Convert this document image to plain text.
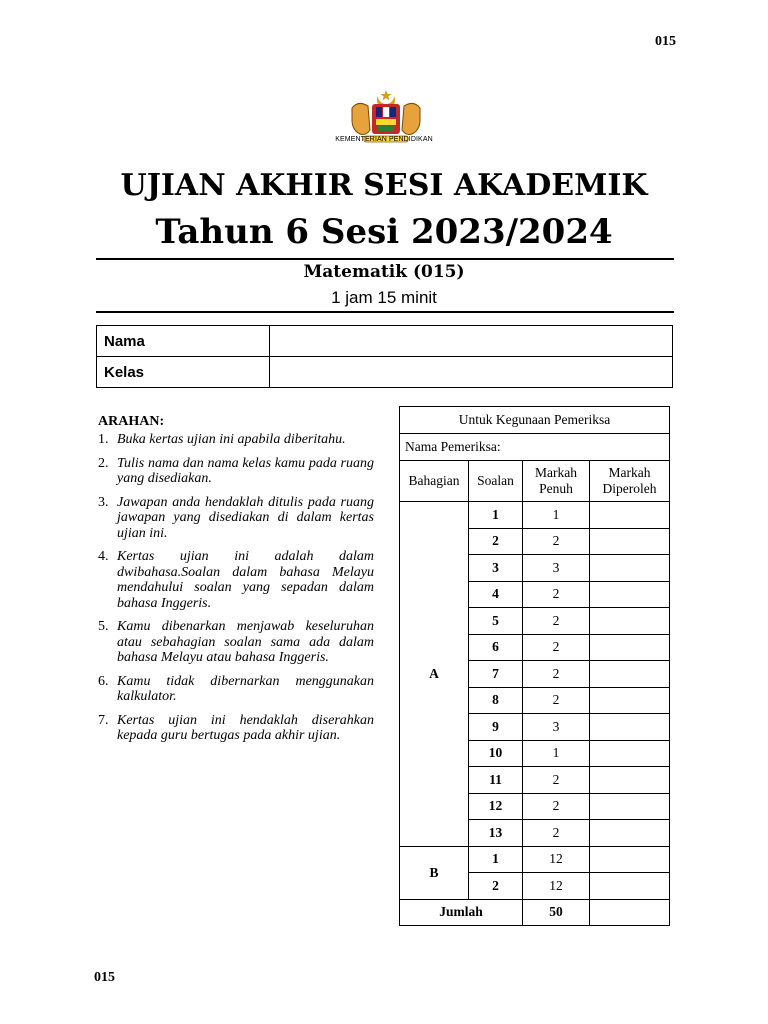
015
KEMENTERIAN PENDIDIKAN
UJIAN AKHIR SESI AKADEMIK
Tahun 6 Sesi 2023/2024
Matematik (015)
1 jam 15 minit
Nama	
Kelas	
ARAHAN:
1. Buka kertas ujian ini apabila diberitahu.
2. Tulis nama dan nama kelas kamu pada ruang yang disediakan.
3. Jawapan anda hendaklah ditulis pada ruang jawapan yang disediakan di dalam kertas ujian ini.
4. Kertas ujian ini adalah dalam dwibahasa.Soalan dalam bahasa Melayu mendahului soalan yang sepadan dalam bahasa Inggeris.
5. Kamu dibenarkan menjawab keseluruhan atau sebahagian soalan sama ada dalam bahasa Melayu atau bahasa Inggeris.
6. Kamu tidak dibernarkan menggunakan kalkulator.
7. Kertas ujian ini hendaklah diserahkan kepada guru bertugas pada akhir ujian.
Untuk Kegunaan Pemeriksa			
Nama Pemeriksa:			
Bahagian	Soalan	Markah Penuh	Markah Diperoleh
A	1	1	
	2	2	
	3	3	
	4	2	
	5	2	
	6	2	
	7	2	
	8	2	
	9	3	
	10	1	
	11	2	
	12	2	
	13	2	
B	1	12	
	2	12	
Jumlah		50	
015
